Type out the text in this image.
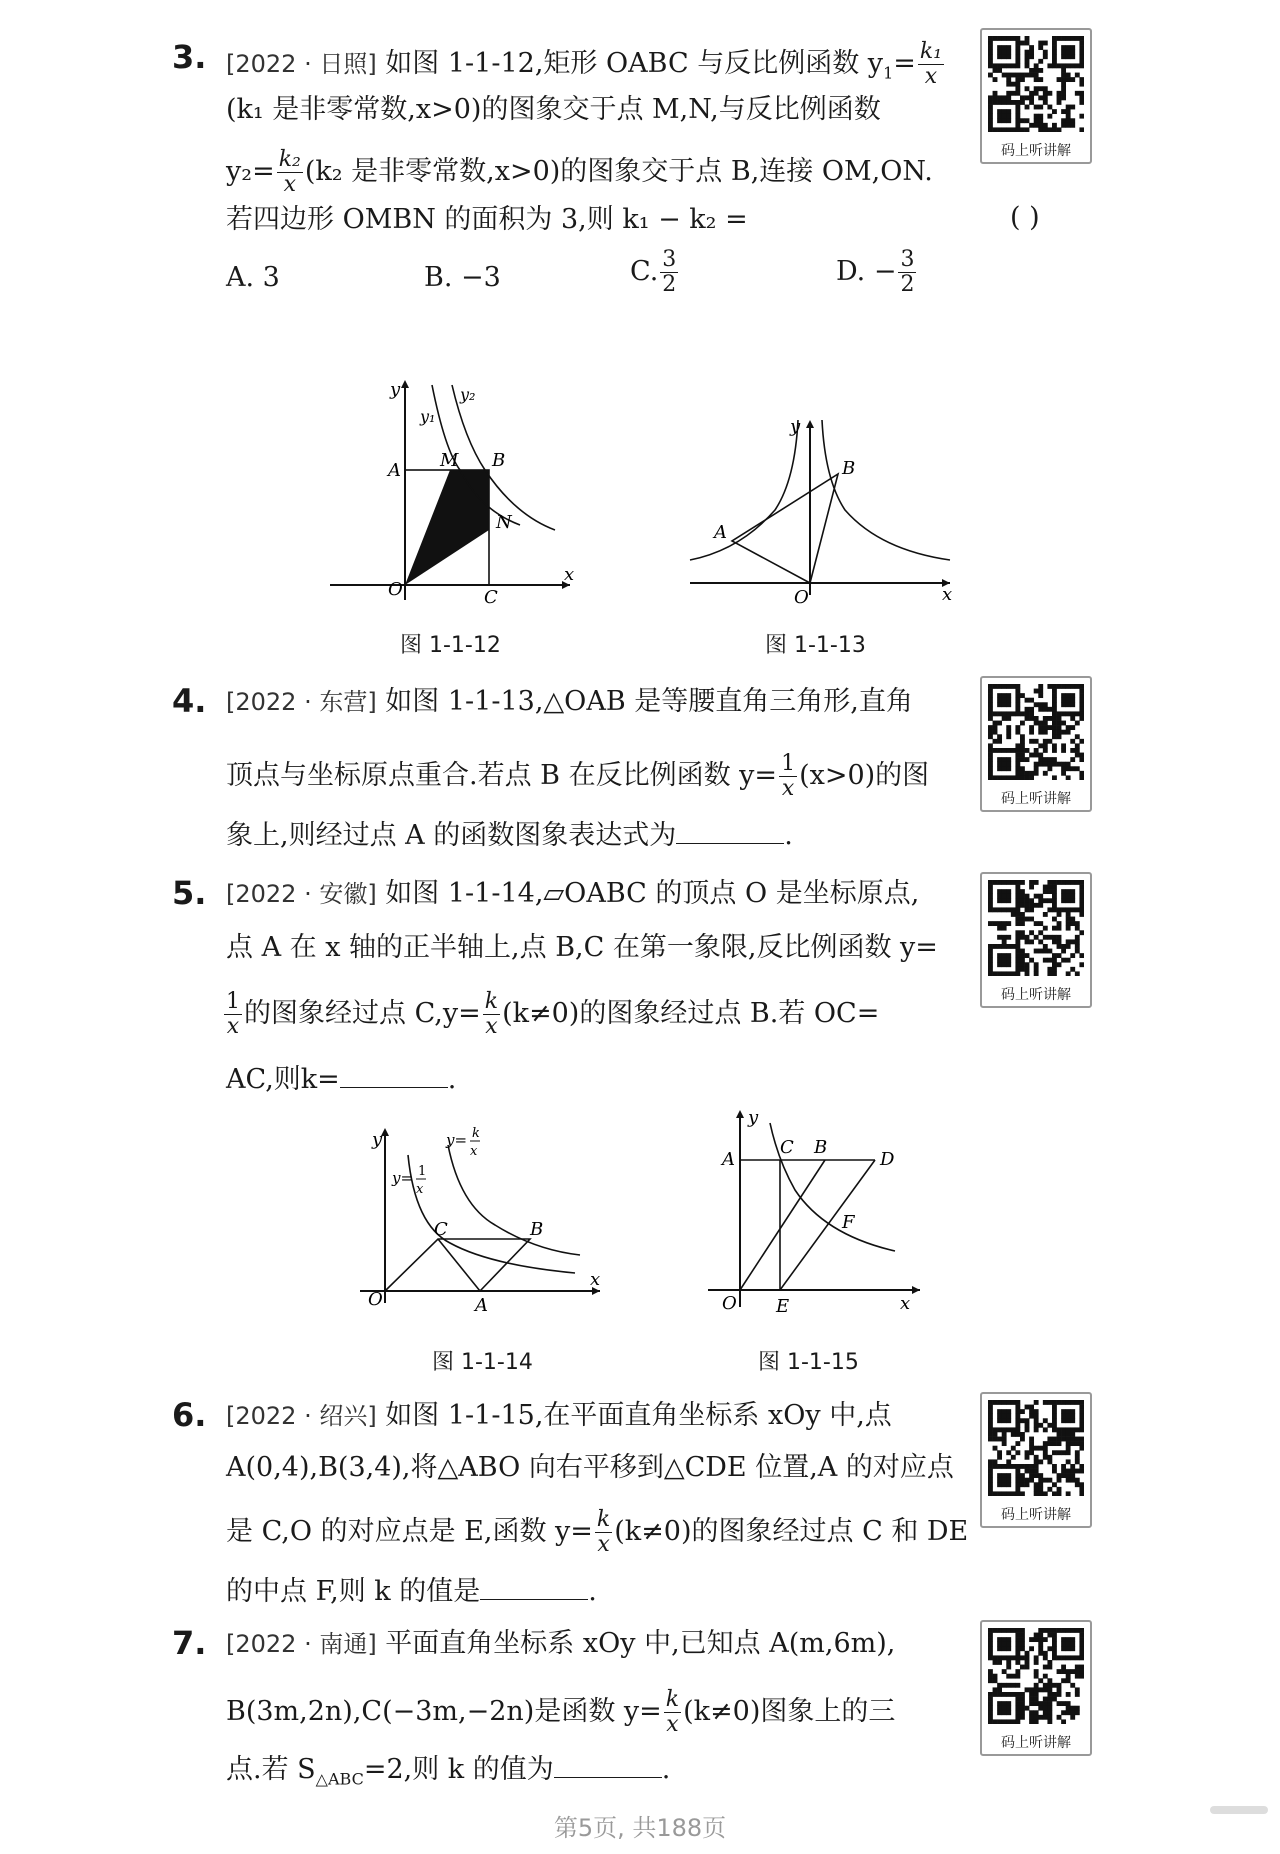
3. [2022 · 日照] 如图 1-1-12,矩形 OABC 与反比例函数 $y_1= \frac{\text{k₁}}{x}$
(k₁ 是非零常数,x>0)的图象交于点 M,N,与反比例函数
$y_2= \frac{\text{k₂}}{x} (k_2$ 是非零常数,x>0)的图象交于点 B,连接 OM,ON.
若四边形 OMBN 的面积为 3,则 k₁ − k₂ =	( )
A. 3	B. −3	C. $\frac{3}{2}$	D. − $\frac{3}{2}$
码上听讲解
y
x
O
A M B
N
C
y₁
y₂
图 1-1-12
y
x
O
A
B
图 1-1-13
4. [2022 · 东营] 如图 1-1-13,△OAB 是等腰直角三角形,直角
顶点与坐标原点重合.若点 B 在反比例函数 $y= \frac{1}{x} (x>0)$的图
象上,则经过点 A 的函数图象表达式为	.
码上听讲解
5. [2022 · 安徽] 如图 1-1-14,▱OABC 的顶点 O 是坐标原点,
点 A 在 x 轴的正半轴上,点 B,C 在第一象限,反比例函数 y=
$\frac{1}{x}$ 的图象经过点 $C,y= \frac{k}{x} (k\ne 0)$的图象经过点 B.若 OC=
AC,则k=	.
码上听讲解
y
x
O	A
B
C
y= 1
x
y= k
x
图 1-1-14
y
x
O
A
C B
D
E
F
图 1-1-15
6. [2022 · 绍兴] 如图 1-1-15,在平面直角坐标系 xOy 中,点
A(0,4),B(3,4),将△ABO 向右平移到△CDE 位置,A 的对应点
是 C,O 的对应点是 E,函数 $y= \frac{k}{x} (k\ne 0)$的图象经过点 C 和 DE
的中点 F,则 k 的值是	.
码上听讲解
7. [2022 · 南通] 平面直角坐标系 xOy 中,已知点 A(m,6m),
B(3m,2n),C(−3m,−2n)是函数 $y= \frac{k}{x} (k\ne 0)$图象上的三
点.若 $S_{\triangle ABC}=2$,则 k 的值为	.
码上听讲解
第5页, 共188页
